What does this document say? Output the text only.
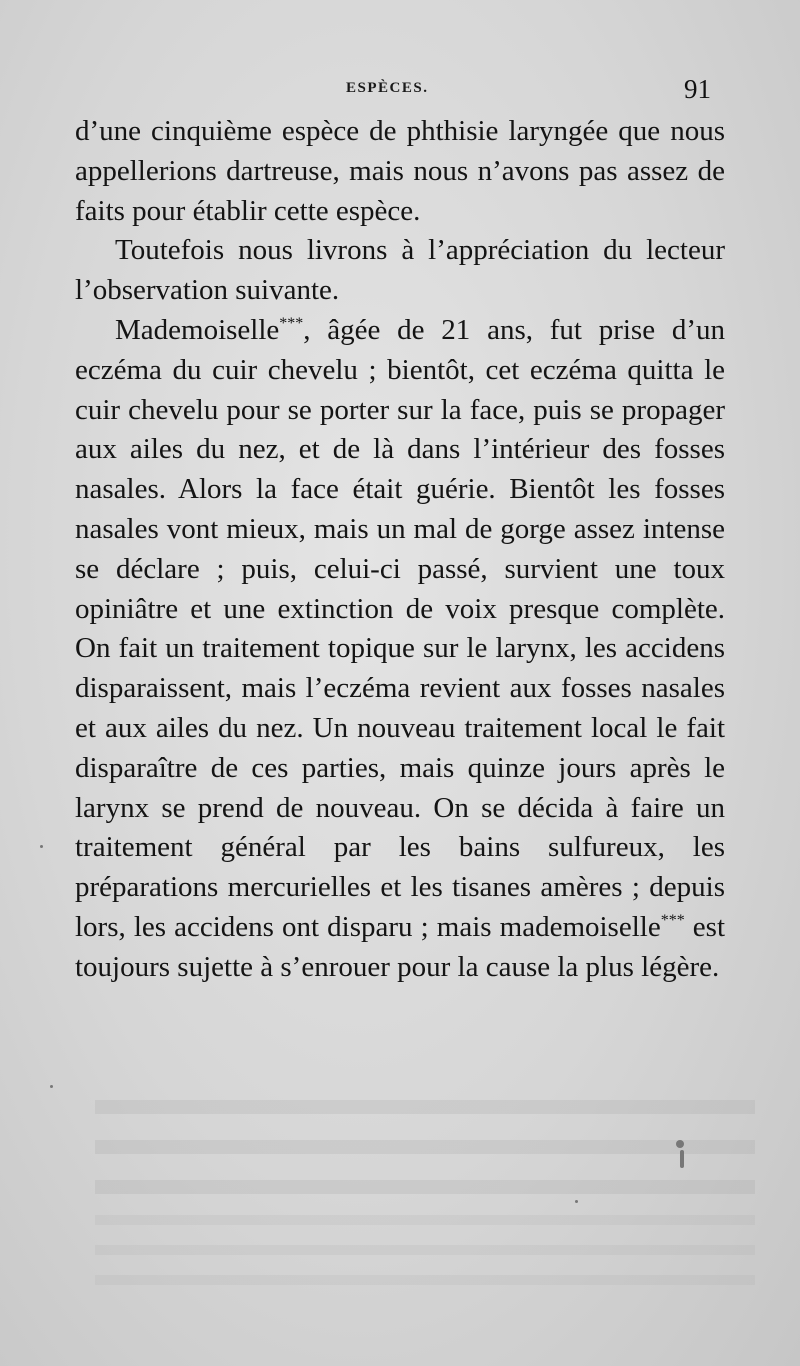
ESPÈCES.	91

d’une cinquième espèce de phthisie laryngée que nous appellerions dartreuse, mais nous n’avons pas assez de faits pour établir cette espèce.

Toutefois nous livrons à l’appréciation du lecteur l’observation suivante.

Mademoiselle***, âgée de 21 ans, fut prise d’un eczéma du cuir chevelu ; bientôt, cet eczéma quitta le cuir chevelu pour se porter sur la face, puis se propager aux ailes du nez, et de là dans l’intérieur des fosses nasales. Alors la face était guérie. Bientôt les fosses nasales vont mieux, mais un mal de gorge assez intense se déclare ; puis, celui-ci passé, survient une toux opiniâtre et une extinction de voix presque complète. On fait un traitement topique sur le larynx, les accidens disparaissent, mais l’eczéma revient aux fosses nasales et aux ailes du nez. Un nouveau traitement local le fait disparaître de ces parties, mais quinze jours après le larynx se prend de nouveau. On se décida à faire un traitement général par les bains sulfureux, les préparations mercurielles et les tisanes amères ; depuis lors, les accidens ont disparu ; mais mademoiselle*** est toujours sujette à s’enrouer pour la cause la plus légère.
